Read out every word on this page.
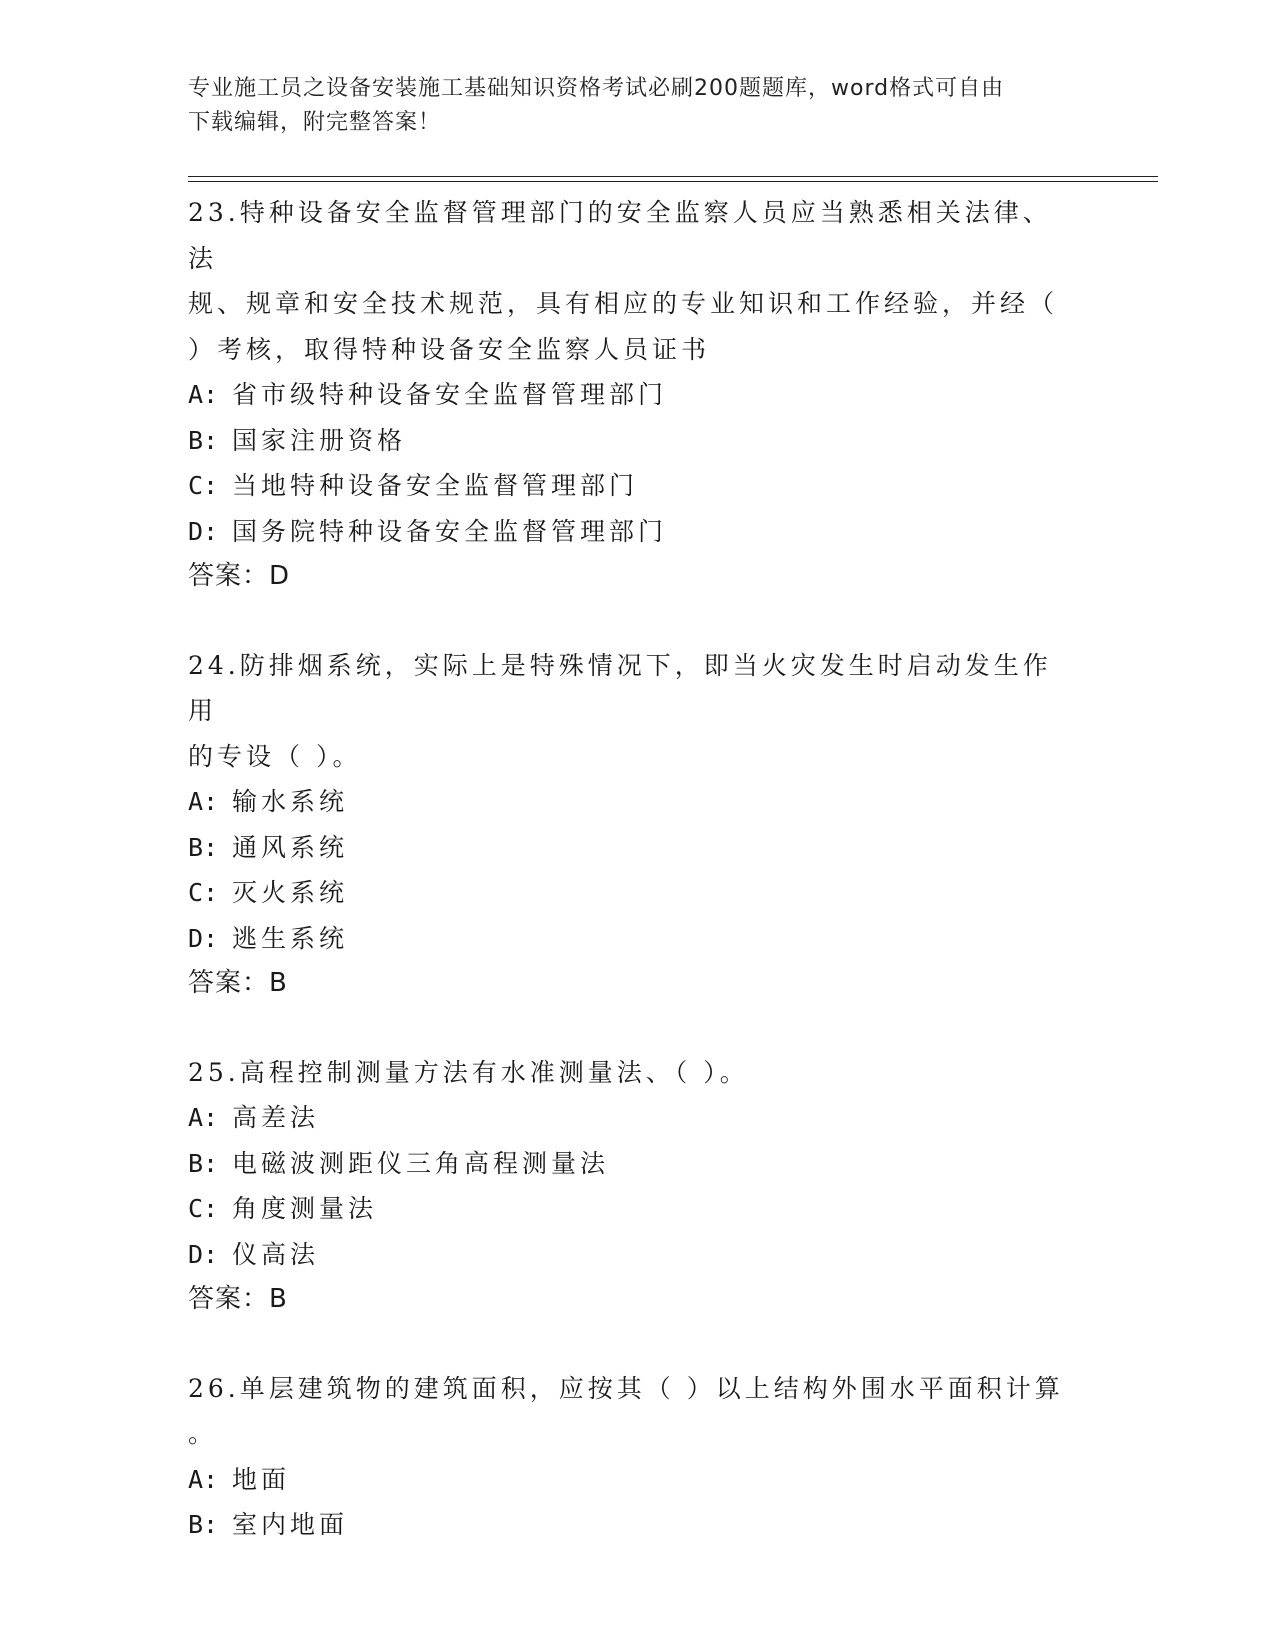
专业施工员之设备安装施工基础知识资格考试必刷200题题库，word格式可自由
下载编辑，附完整答案！
23.特种设备安全监督管理部门的安全监察人员应当熟悉相关法律、法
规、规章和安全技术规范，具有相应的专业知识和工作经验，并经（
）考核，取得特种设备安全监察人员证书
A: 省市级特种设备安全监督管理部门
B: 国家注册资格
C: 当地特种设备安全监督管理部门
D: 国务院特种设备安全监督管理部门
答案：D
24.防排烟系统，实际上是特殊情况下，即当火灾发生时启动发生作用
的专设（ ）。
A: 输水系统
B: 通风系统
C: 灭火系统
D: 逃生系统
答案：B
25.高程控制测量方法有水准测量法、（ ）。
A: 高差法
B: 电磁波测距仪三角高程测量法
C: 角度测量法
D: 仪高法
答案：B
26.单层建筑物的建筑面积，应按其（ ）以上结构外围水平面积计算
。
A: 地面
B: 室内地面
